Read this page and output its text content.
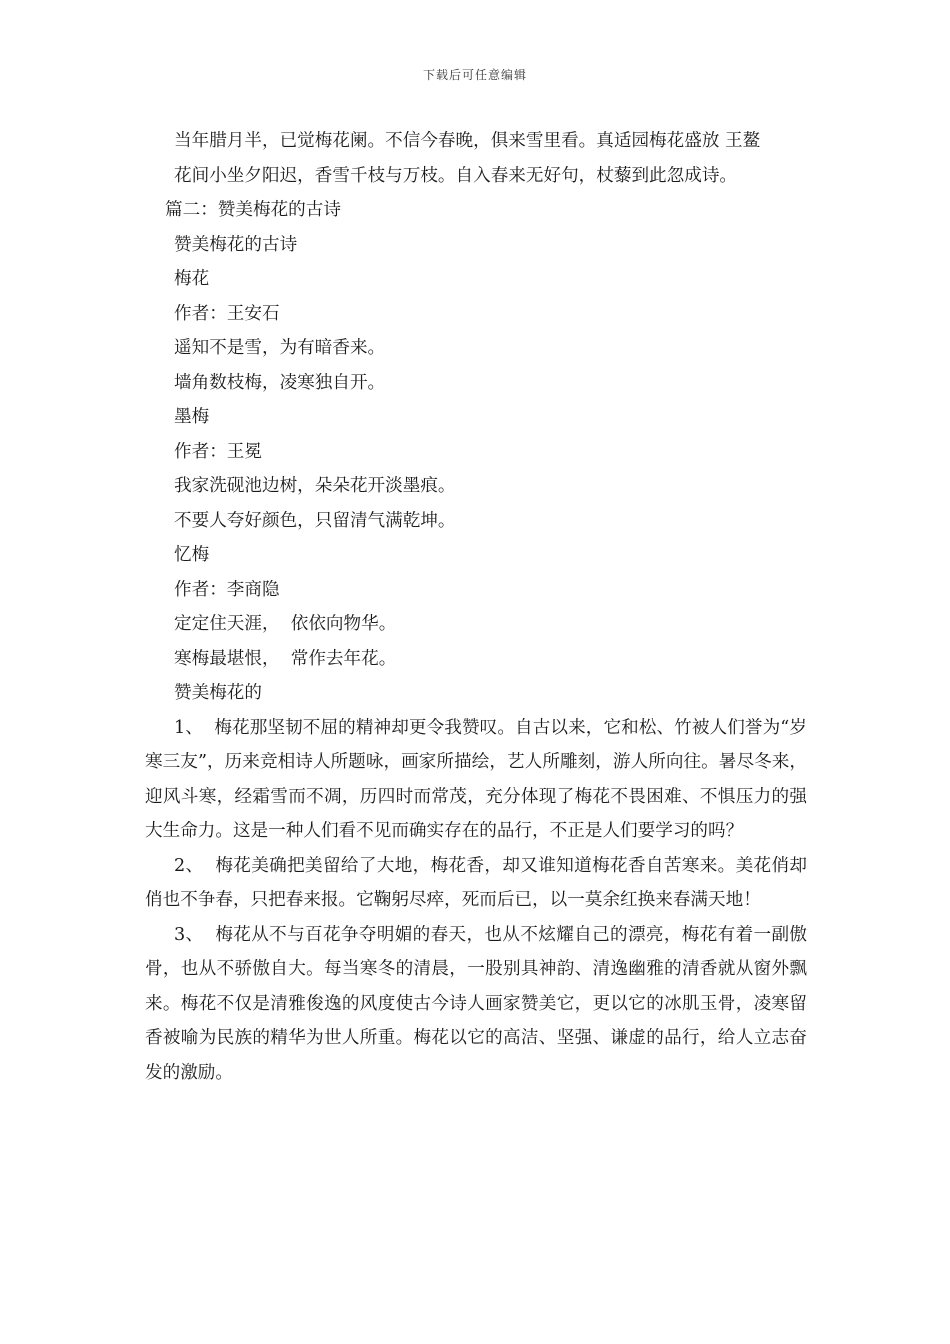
下载后可任意编辑

当年腊月半，已觉梅花阑。不信今春晚，俱来雪里看。真适园梅花盛放 王鳌

花间小坐夕阳迟，香雪千枝与万枝。自入春来无好句，杖藜到此忽成诗。

篇二：赞美梅花的古诗

赞美梅花的古诗

梅花

作者：王安石

遥知不是雪，为有暗香来。

墙角数枝梅，凌寒独自开。

墨梅

作者：王冕

我家洗砚池边树，朵朵花开淡墨痕。

不要人夸好颜色，只留清气满乾坤。

忆梅

作者：李商隐

定定住天涯，  依依向物华。

寒梅最堪恨，  常作去年花。

赞美梅花的

1、  梅花那坚韧不屈的精神却更令我赞叹。自古以来，它和松、竹被人们誉为“岁寒三友”，历来竞相诗人所题咏，画家所描绘，艺人所雕刻，游人所向往。暑尽冬来，迎风斗寒，经霜雪而不凋，历四时而常茂，充分体现了梅花不畏困难、不惧压力的强大生命力。这是一种人们看不见而确实存在的品行，不正是人们要学习的吗？

2、  梅花美确把美留给了大地，梅花香，却又谁知道梅花香自苦寒来。美花俏却俏也不争春，只把春来报。它鞠躬尽瘁，死而后已，以一莫余红换来春满天地！

3、  梅花从不与百花争夺明媚的春天，也从不炫耀自己的漂亮，梅花有着一副傲骨，也从不骄傲自大。每当寒冬的清晨，一股别具神韵、清逸幽雅的清香就从窗外飘来。梅花不仅是清雅俊逸的风度使古今诗人画家赞美它，更以它的冰肌玉骨，凌寒留香被喻为民族的精华为世人所重。梅花以它的高洁、坚强、谦虚的品行，给人立志奋发的激励。
